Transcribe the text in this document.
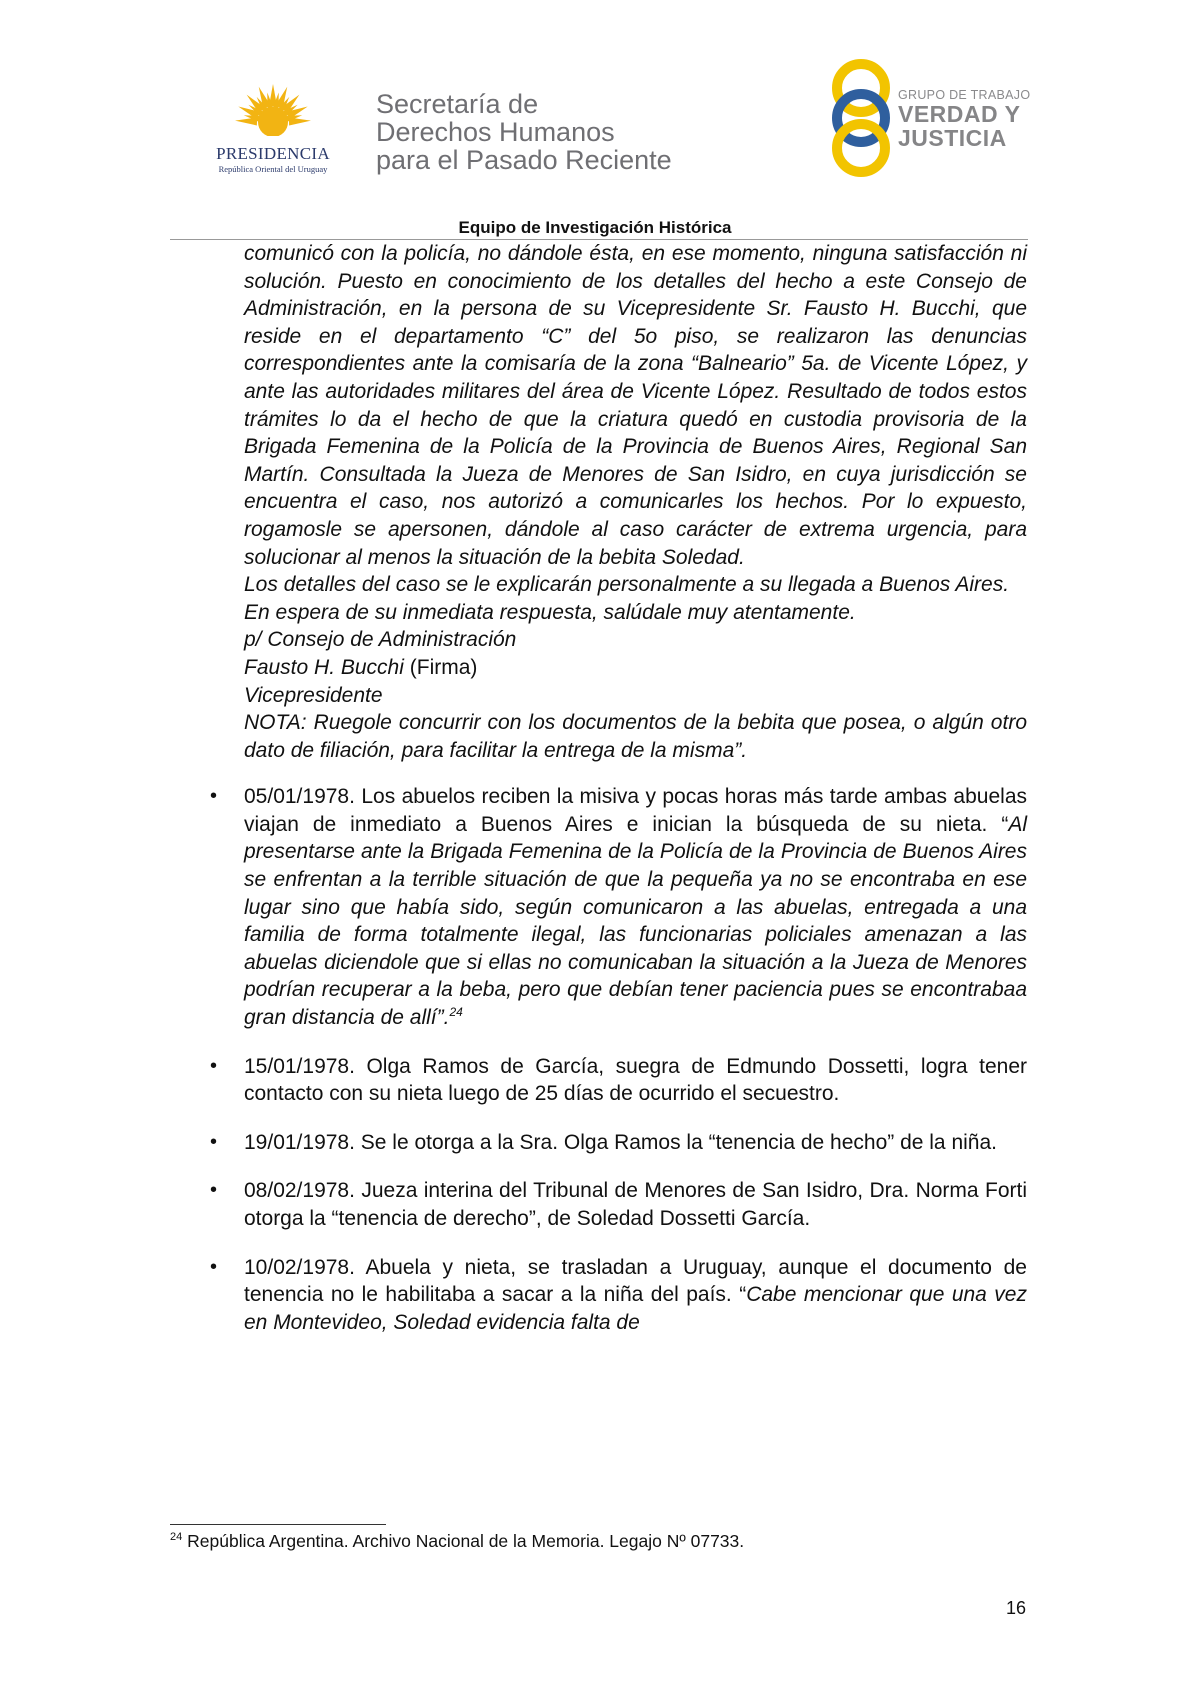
PRESIDENCIA
República Oriental del Uruguay
Secretaría de
Derechos Humanos
para el Pasado Reciente
GRUPO DE TRABAJO
VERDAD Y
JUSTICIA
Equipo de Investigación Histórica

comunicó con la policía, no dándole ésta, en ese momento, ninguna satisfacción ni solución. Puesto en conocimiento de los detalles del hecho a este Consejo de Administración, en la persona de su Vicepresidente Sr. Fausto H. Bucchi, que reside en el departamento “C” del 5o piso, se realizaron las denuncias correspondientes ante la comisaría de la zona “Balneario” 5a. de Vicente López, y ante las autoridades militares del área de Vicente López. Resultado de todos estos trámites lo da el hecho de que la criatura quedó en custodia provisoria de la Brigada Femenina de la Policía de la Provincia de Buenos Aires, Regional San Martín. Consultada la Jueza de Menores de San Isidro, en cuya jurisdicción se encuentra el caso, nos autorizó a comunicarles los hechos. Por lo expuesto, rogamosle se apersonen, dándole al caso carácter de extrema urgencia, para solucionar al menos la situación de la bebita Soledad.

Los detalles del caso se le explicarán personalmente a su llegada a Buenos Aires.

En espera de su inmediata respuesta, salúdale muy atentamente.

p/ Consejo de Administración

Fausto H. Bucchi (Firma)

Vicepresidente

NOTA: Ruegole concurrir con los documentos de la bebita que posea, o algún otro dato de filiación, para facilitar la entrega de la misma”.

• 05/01/1978. Los abuelos reciben la misiva y pocas horas más tarde ambas abuelas viajan de inmediato a Buenos Aires e inician la búsqueda de su nieta. “Al presentarse ante la Brigada Femenina de la Policía de la Provincia de Buenos Aires se enfrentan a la terrible situación de que la pequeña ya no se encontraba en ese lugar sino que había sido, según comunicaron a las abuelas, entregada a una familia de forma totalmente ilegal, las funcionarias policiales amenazan a las abuelas diciendole que si ellas no comunicaban la situación a la Jueza de Menores podrían recuperar a la beba, pero que debían tener paciencia pues se encontrabaa gran distancia de allí”.$^{24}$
• 15/01/1978. Olga Ramos de García, suegra de Edmundo Dossetti, logra tener contacto con su nieta luego de 25 días de ocurrido el secuestro.
• 19/01/1978. Se le otorga a la Sra. Olga Ramos la “tenencia de hecho” de la niña.
• 08/02/1978. Jueza interina del Tribunal de Menores de San Isidro, Dra. Norma Forti otorga la “tenencia de derecho”, de Soledad Dossetti García.
• 10/02/1978. Abuela y nieta, se trasladan a Uruguay, aunque el documento de tenencia no le habilitaba a sacar a la niña del país. “Cabe mencionar que una vez en Montevideo, Soledad evidencia falta de
$^{24}$ República Argentina. Archivo Nacional de la Memoria. Legajo Nº 07733.
16
